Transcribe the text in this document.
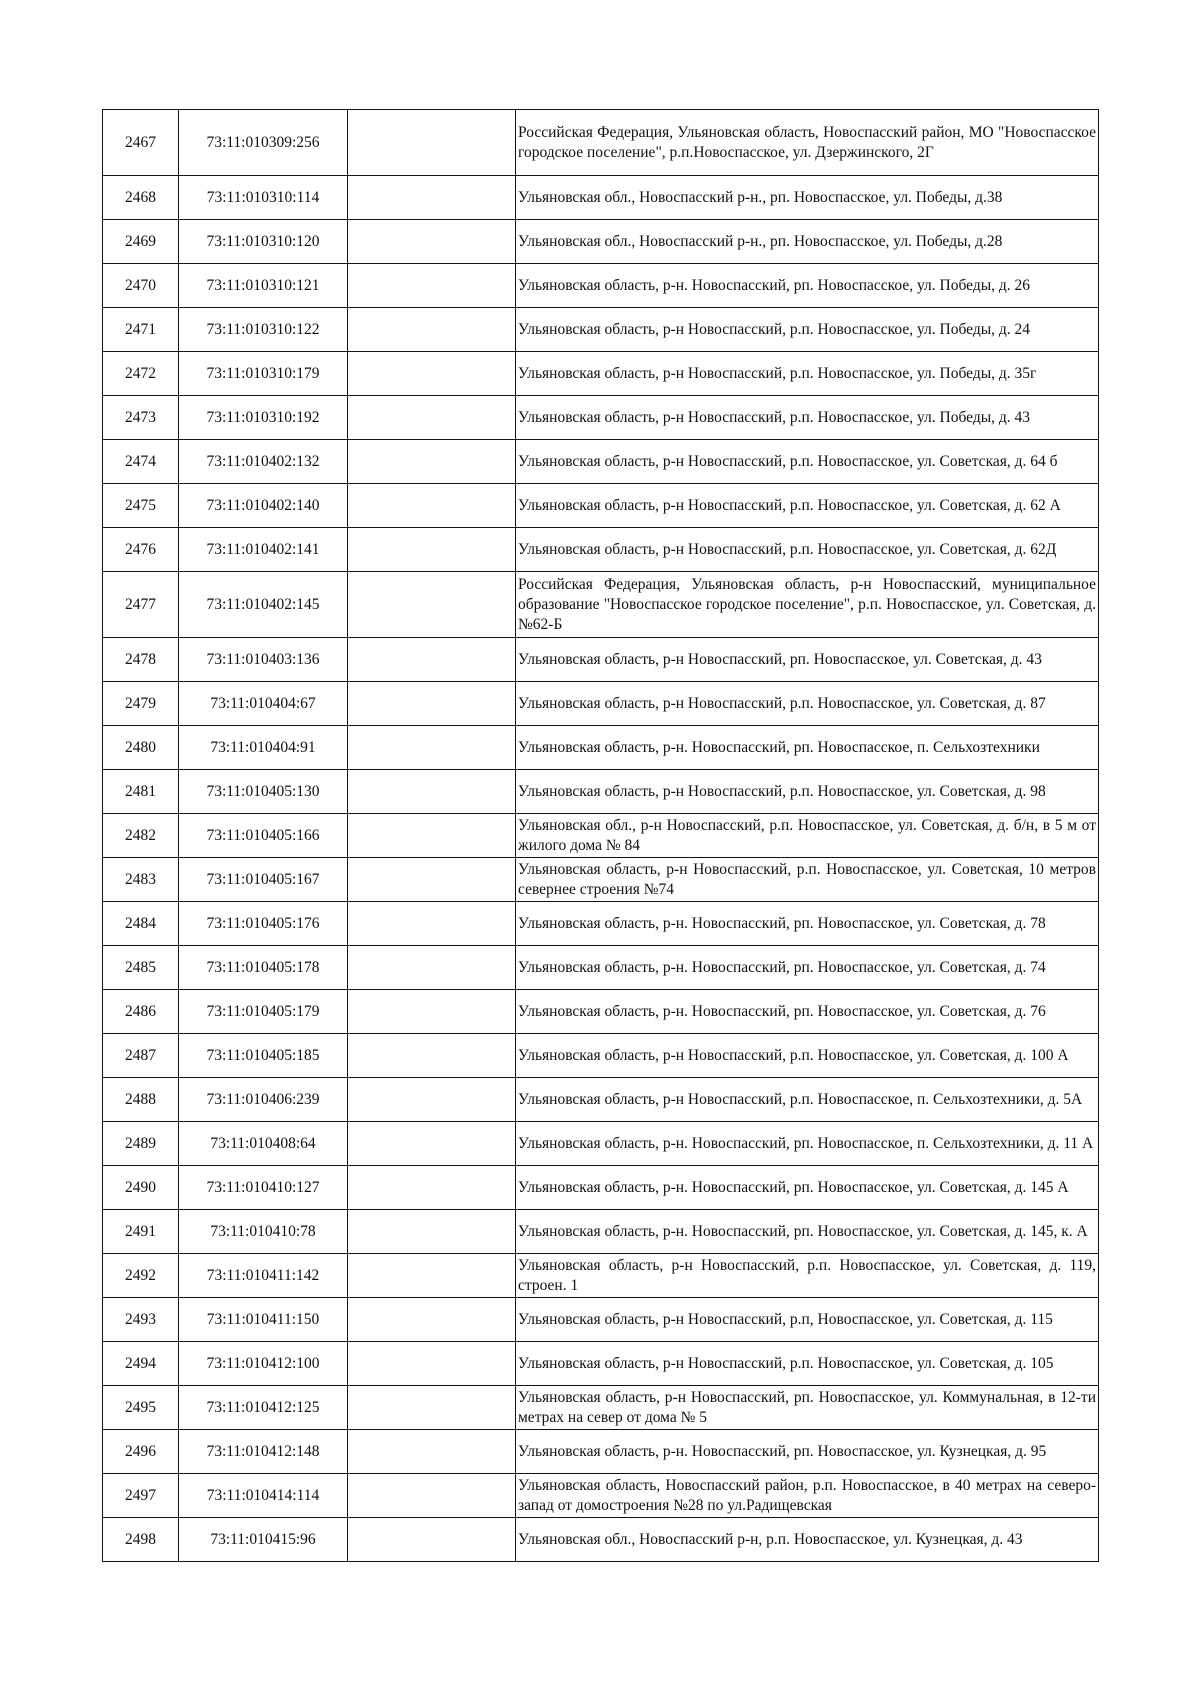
2467	73:11:010309:256		Российская Федерация, Ульяновская область, Новоспасский район, МО "Новоспасское городское поселение", р.п.Новоспасское, ул. Дзержинского, 2Г
2468	73:11:010310:114		Ульяновская обл., Новоспасский р-н., рп. Новоспасское, ул. Победы, д.38
2469	73:11:010310:120		Ульяновская обл., Новоспасский р-н., рп. Новоспасское, ул. Победы, д.28
2470	73:11:010310:121		Ульяновская область, р-н. Новоспасский, рп. Новоспасское, ул. Победы, д. 26
2471	73:11:010310:122		Ульяновская область, р-н Новоспасский, р.п. Новоспасское, ул. Победы, д. 24
2472	73:11:010310:179		Ульяновская область, р-н Новоспасский, р.п. Новоспасское, ул. Победы, д. 35г
2473	73:11:010310:192		Ульяновская область, р-н Новоспасский, р.п. Новоспасское, ул. Победы, д. 43
2474	73:11:010402:132		Ульяновская область, р-н Новоспасский, р.п. Новоспасское, ул. Советская, д. 64 б
2475	73:11:010402:140		Ульяновская область, р-н Новоспасский, р.п. Новоспасское, ул. Советская, д. 62 А
2476	73:11:010402:141		Ульяновская область, р-н Новоспасский, р.п. Новоспасское, ул. Советская, д. 62Д
2477	73:11:010402:145		Российская Федерация, Ульяновская область, р-н Новоспасский, муниципальное образование "Новоспасское городское поселение", р.п. Новоспасское, ул. Советская, д.№62-Б
2478	73:11:010403:136		Ульяновская область, р-н Новоспасский, рп. Новоспасское, ул. Советская, д. 43
2479	73:11:010404:67		Ульяновская область, р-н Новоспасский, р.п. Новоспасское, ул. Советская, д. 87
2480	73:11:010404:91		Ульяновская область, р-н. Новоспасский, рп. Новоспасское, п. Сельхозтехники
2481	73:11:010405:130		Ульяновская область, р-н Новоспасский, р.п. Новоспасское, ул. Советская, д. 98
2482	73:11:010405:166		Ульяновская обл., р-н Новоспасский, р.п. Новоспасское, ул. Советская, д. б/н, в 5 м от жилого дома № 84
2483	73:11:010405:167		Ульяновская область, р-н Новоспасский, р.п. Новоспасское, ул. Советская, 10 метров севернее строения №74
2484	73:11:010405:176		Ульяновская область, р-н. Новоспасский, рп. Новоспасское, ул. Советская, д. 78
2485	73:11:010405:178		Ульяновская область, р-н. Новоспасский, рп. Новоспасское, ул. Советская, д. 74
2486	73:11:010405:179		Ульяновская область, р-н. Новоспасский, рп. Новоспасское, ул. Советская, д. 76
2487	73:11:010405:185		Ульяновская область, р-н Новоспасский, р.п. Новоспасское, ул. Советская, д. 100 А
2488	73:11:010406:239		Ульяновская область, р-н Новоспасский, р.п. Новоспасское, п. Сельхозтехники, д. 5А
2489	73:11:010408:64		Ульяновская область, р-н. Новоспасский, рп. Новоспасское, п. Сельхозтехники, д. 11 А
2490	73:11:010410:127		Ульяновская область, р-н. Новоспасский, рп. Новоспасское, ул. Советская, д. 145 А
2491	73:11:010410:78		Ульяновская область, р-н. Новоспасский, рп. Новоспасское, ул. Советская, д. 145, к. А
2492	73:11:010411:142		Ульяновская область, р-н Новоспасский, р.п. Новоспасское, ул. Советская, д. 119, строен. 1
2493	73:11:010411:150		Ульяновская область, р-н Новоспасский, р.п, Новоспасское, ул. Советская, д. 115
2494	73:11:010412:100		Ульяновская область, р-н Новоспасский, р.п. Новоспасское, ул. Советская, д. 105
2495	73:11:010412:125		Ульяновская область, р-н Новоспасский, рп. Новоспасское, ул. Коммунальная, в 12-ти метрах на север от дома № 5
2496	73:11:010412:148		Ульяновская область, р-н. Новоспасский, рп. Новоспасское, ул. Кузнецкая, д. 95
2497	73:11:010414:114		Ульяновская область, Новоспасский район, р.п. Новоспасское, в 40 метрах на северо-запад от домостроения №28 по ул.Радищевская
2498	73:11:010415:96		Ульяновская обл., Новоспасский р-н, р.п. Новоспасское, ул. Кузнецкая, д. 43
